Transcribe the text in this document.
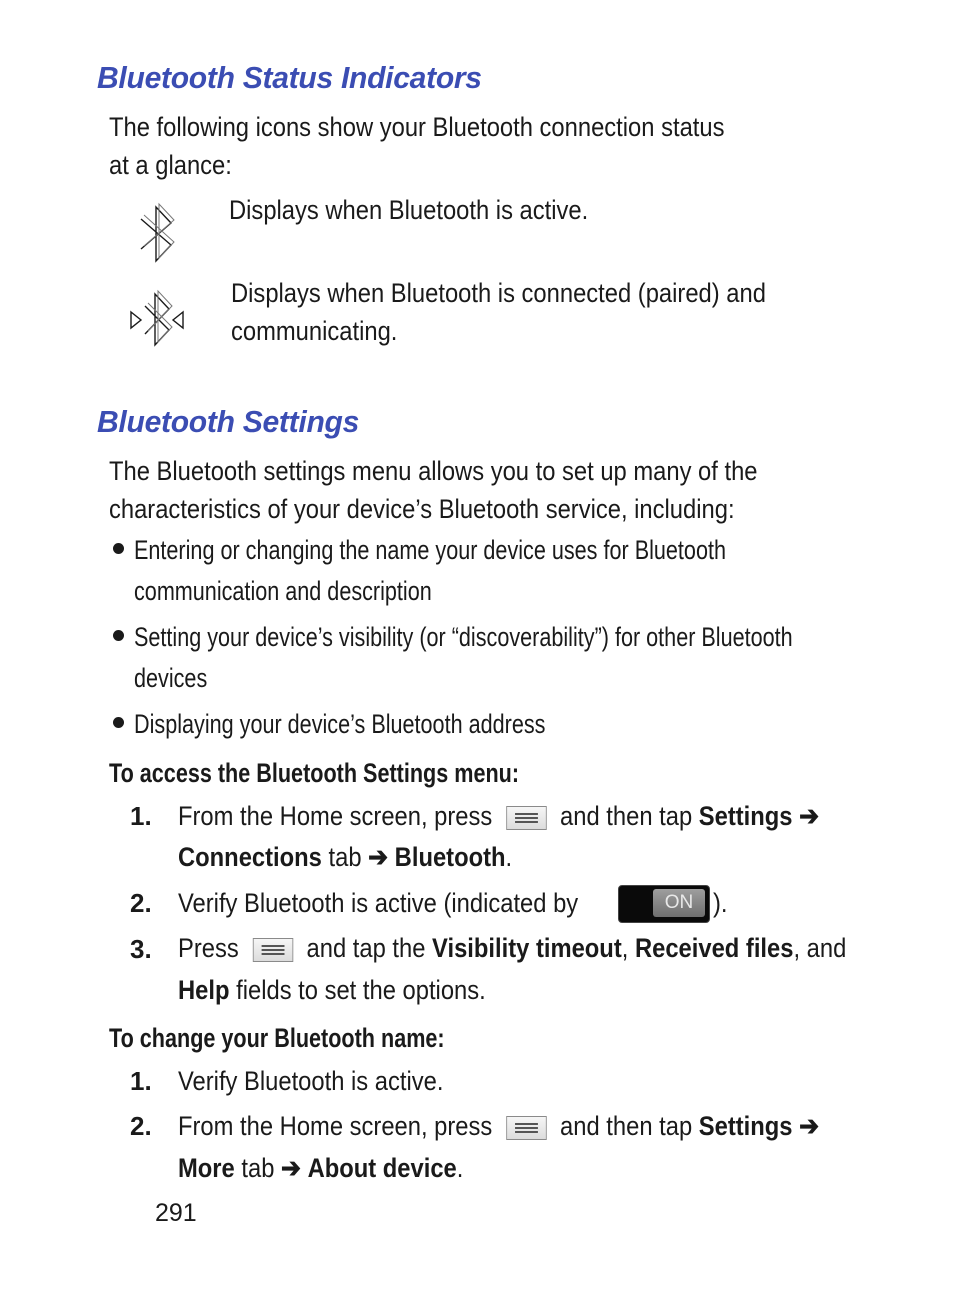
Bluetooth Status Indicators
The following icons show your Bluetooth connection status
at a glance:
Displays when Bluetooth is active.
Displays when Bluetooth is connected (paired) and
communicating.
Bluetooth Settings
The Bluetooth settings menu allows you to set up many of the
characteristics of your device’s Bluetooth service, including:
Entering or changing the name your device uses for Bluetooth
communication and description
Setting your device’s visibility (or “discoverability”) for other Bluetooth
devices
Displaying your device’s Bluetooth address
To access the Bluetooth Settings menu:
1. From the Home screen, press	and then tap Settings ➔
Connections tab ➔ Bluetooth.
2. Verify Bluetooth is active (indicated by	ON ).
3. Press	and tap the Visibility timeout, Received files, and
Help fields to set the options.
To change your Bluetooth name:
1. Verify Bluetooth is active.
2. From the Home screen, press	and then tap Settings ➔
More tab ➔ About device.
291
